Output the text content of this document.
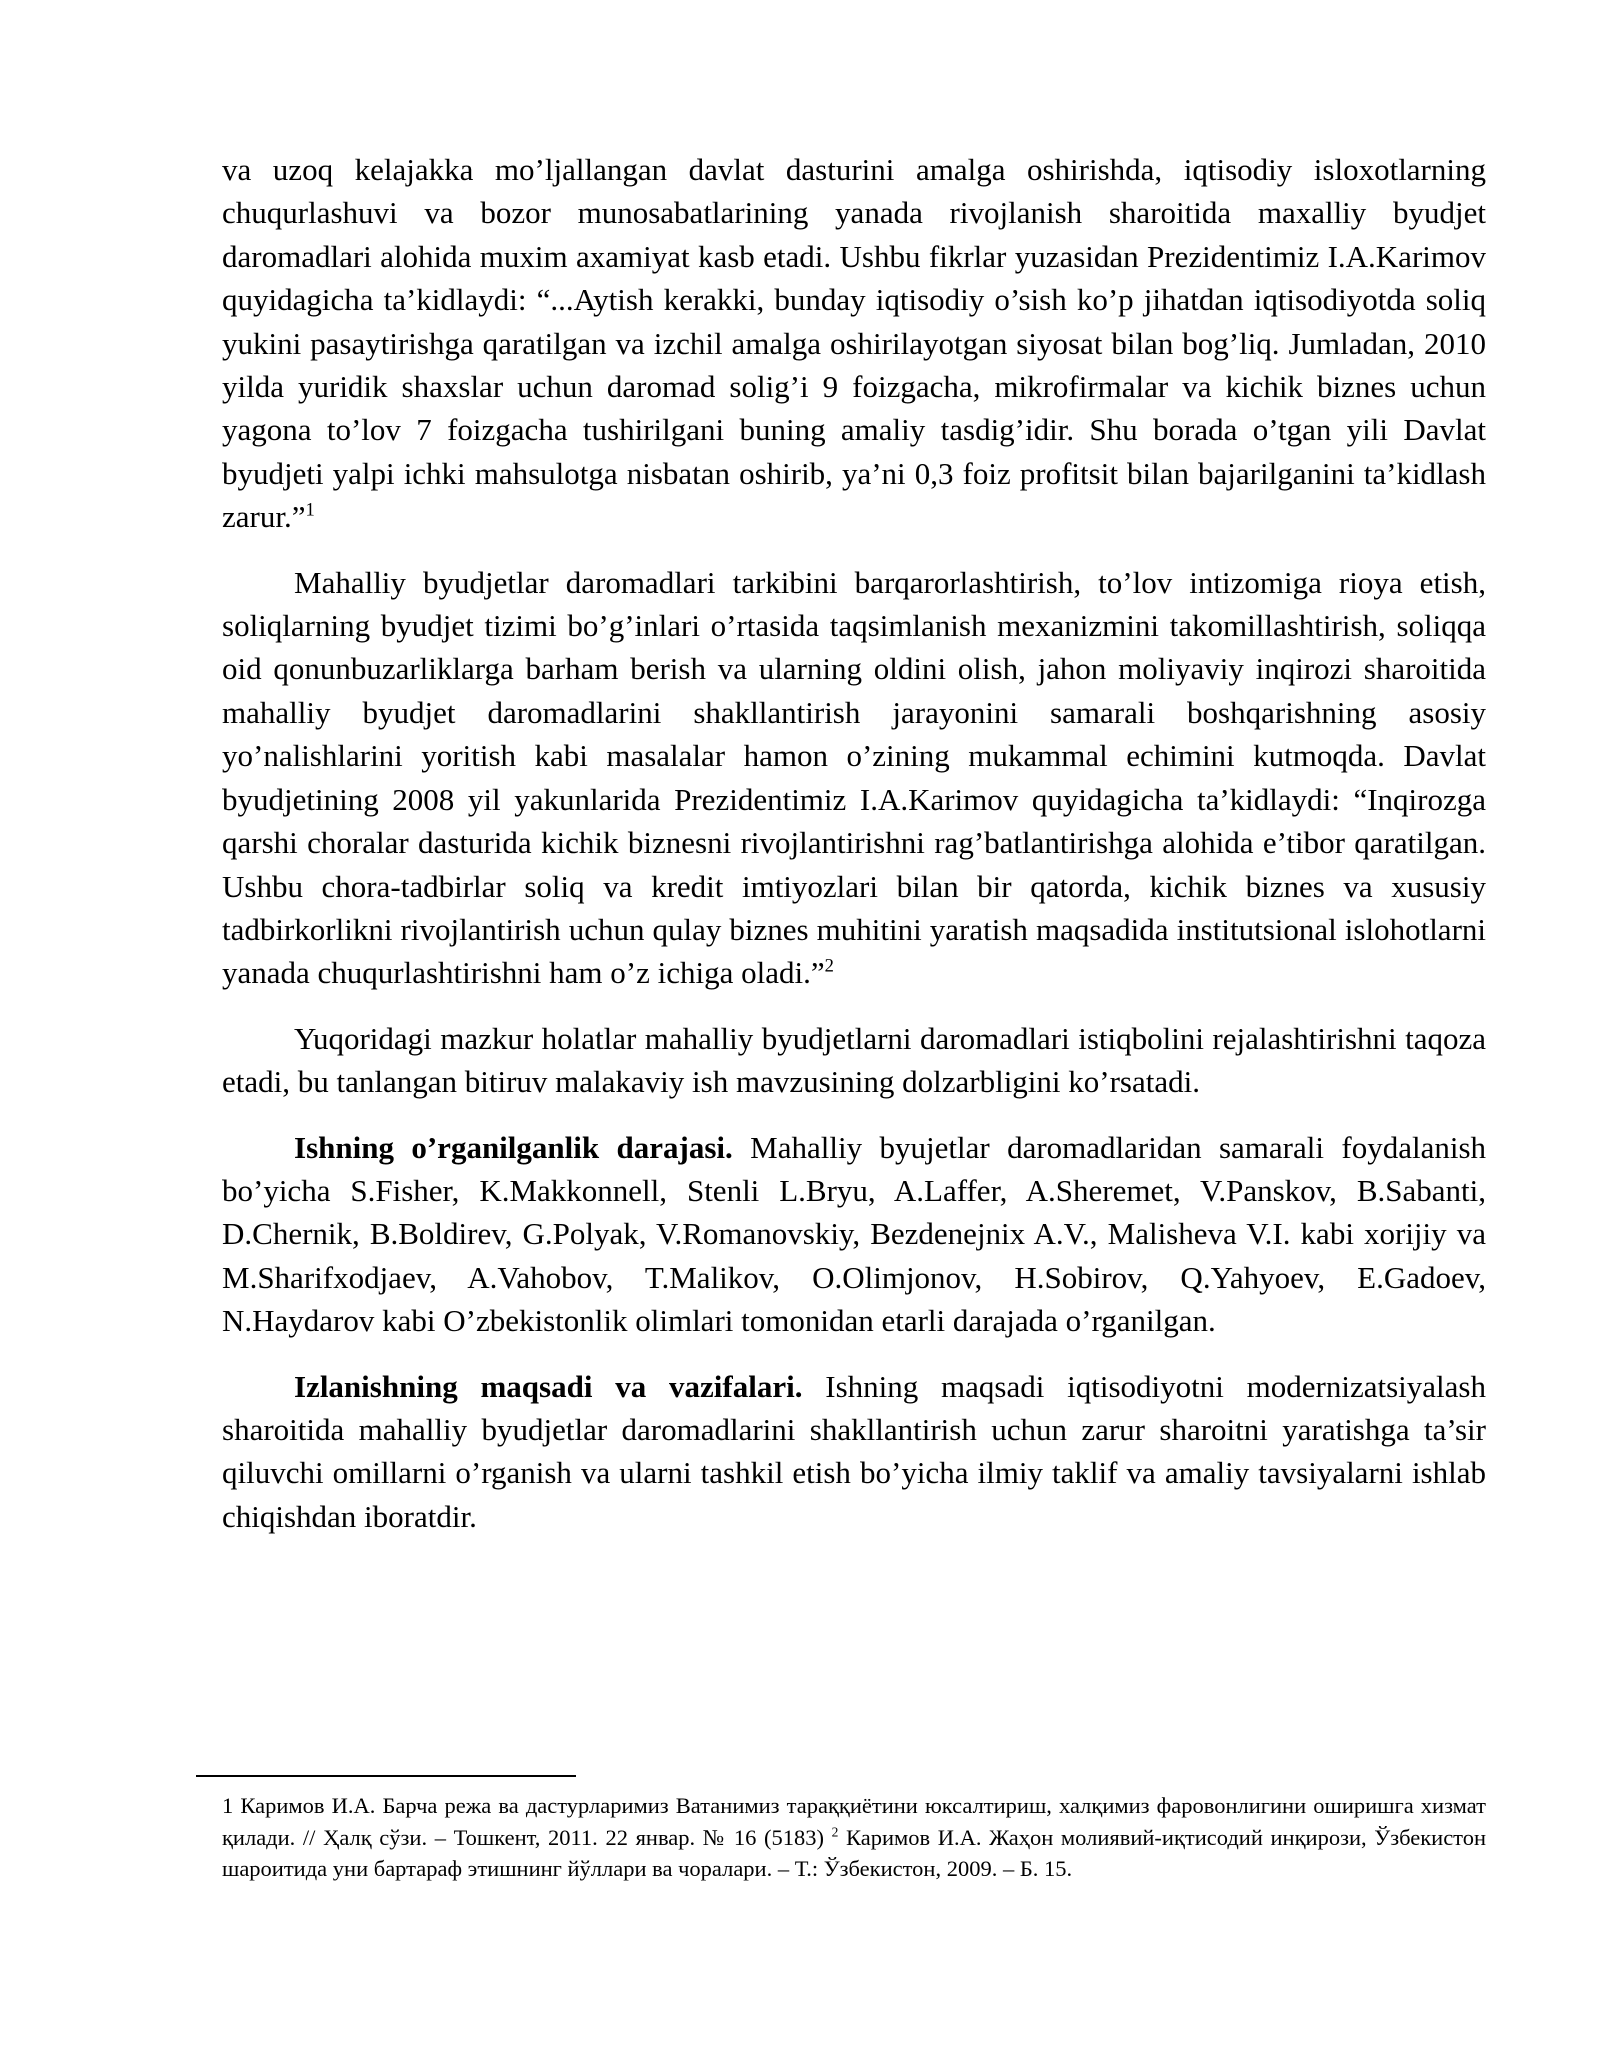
va uzoq kelajakka mo’ljallangan davlat dasturini amalga oshirishda, iqtisodiy isloxotlarning chuqurlashuvi va bozor munosabatlarining yanada rivojlanish sharoitida maxalliy byudjet daromadlari alohida muxim axamiyat kasb etadi. Ushbu fikrlar yuzasidan Prezidentimiz I.A.Karimov quyidagicha ta’kidlaydi: “...Aytish kerakki, bunday iqtisodiy o’sish ko’p jihatdan iqtisodiyotda soliq yukini pasaytirishga qaratilgan va izchil amalga oshirilayotgan siyosat bilan bog’liq. Jumladan, 2010 yilda yuridik shaxslar uchun daromad solig’i 9 foizgacha, mikrofirmalar va kichik biznes uchun yagona to’lov 7 foizgacha tushirilgani buning amaliy tasdig’idir. Shu borada o’tgan yili Davlat byudjeti yalpi ichki mahsulotga nisbatan oshirib, ya’ni 0,3 foiz profitsit bilan bajarilganini ta’kidlash zarur.”$^1$

Mahalliy byudjetlar daromadlari tarkibini barqarorlashtirish, to’lov intizomiga rioya etish, soliqlarning byudjet tizimi bo’g’inlari o’rtasida taqsimlanish mexanizmini takomillashtirish, soliqqa oid qonunbuzarliklarga barham berish va ularning oldini olish, jahon moliyaviy inqirozi sharoitida mahalliy byudjet daromadlarini shakllantirish jarayonini samarali boshqarishning asosiy yo’nalishlarini yoritish kabi masalalar hamon o’zining mukammal echimini kutmoqda. Davlat byudjetining 2008 yil yakunlarida Prezidentimiz I.A.Karimov quyidagicha ta’kidlaydi: “Inqirozga qarshi choralar dasturida kichik biznesni rivojlantirishni rag’batlantirishga alohida e’tibor qaratilgan. Ushbu chora-tadbirlar soliq va kredit imtiyozlari bilan bir qatorda, kichik biznes va xususiy tadbirkorlikni rivojlantirish uchun qulay biznes muhitini yaratish maqsadida institutsional islohotlarni yanada chuqurlashtirishni ham o’z ichiga oladi.”$^2$

Yuqoridagi mazkur holatlar mahalliy byudjetlarni daromadlari istiqbolini rejalashtirishni taqoza etadi, bu tanlangan bitiruv malakaviy ish mavzusining dolzarbligini ko’rsatadi.

Ishning o’rganilganlik darajasi. Mahalliy byujetlar daromadlaridan samarali foydalanish bo’yicha S.Fisher, K.Makkonnell, Stenli L.Bryu, A.Laffer, A.Sheremet, V.Panskov, B.Sabanti, D.Chernik, B.Boldirev, G.Polyak, V.Romanovskiy, Bezdenejnix A.V., Malisheva V.I. kabi xorijiy va M.Sharifxodjaev, A.Vahobov, T.Malikov, O.Olimjonov, H.Sobirov, Q.Yahyoev, E.Gadoev, N.Haydarov kabi O’zbekistonlik olimlari tomonidan etarli darajada o’rganilgan.

Izlanishning maqsadi va vazifalari. Ishning maqsadi iqtisodiyotni modernizatsiyalash sharoitida mahalliy byudjetlar daromadlarini shakllantirish uchun zarur sharoitni yaratishga ta’sir qiluvchi omillarni o’rganish va ularni tashkil etish bo’yicha ilmiy taklif va amaliy tavsiyalarni ishlab chiqishdan iboratdir.

1 Каримов И.А. Барча режа ва дастурларимиз Ватанимиз тараққиётини юксалтириш, халқимиз фаровонлигини оширишга хизмат қилади. // Ҳалқ сўзи. – Тошкент, 2011. 22 январ. № 16 (5183) $^2$ Каримов И.А. Жаҳон молиявий-иқтисодий инқирози, Ўзбекистон шароитида уни бартараф этишнинг йўллари ва чоралари. – Т.: Ўзбекистон, 2009. – Б. 15.
